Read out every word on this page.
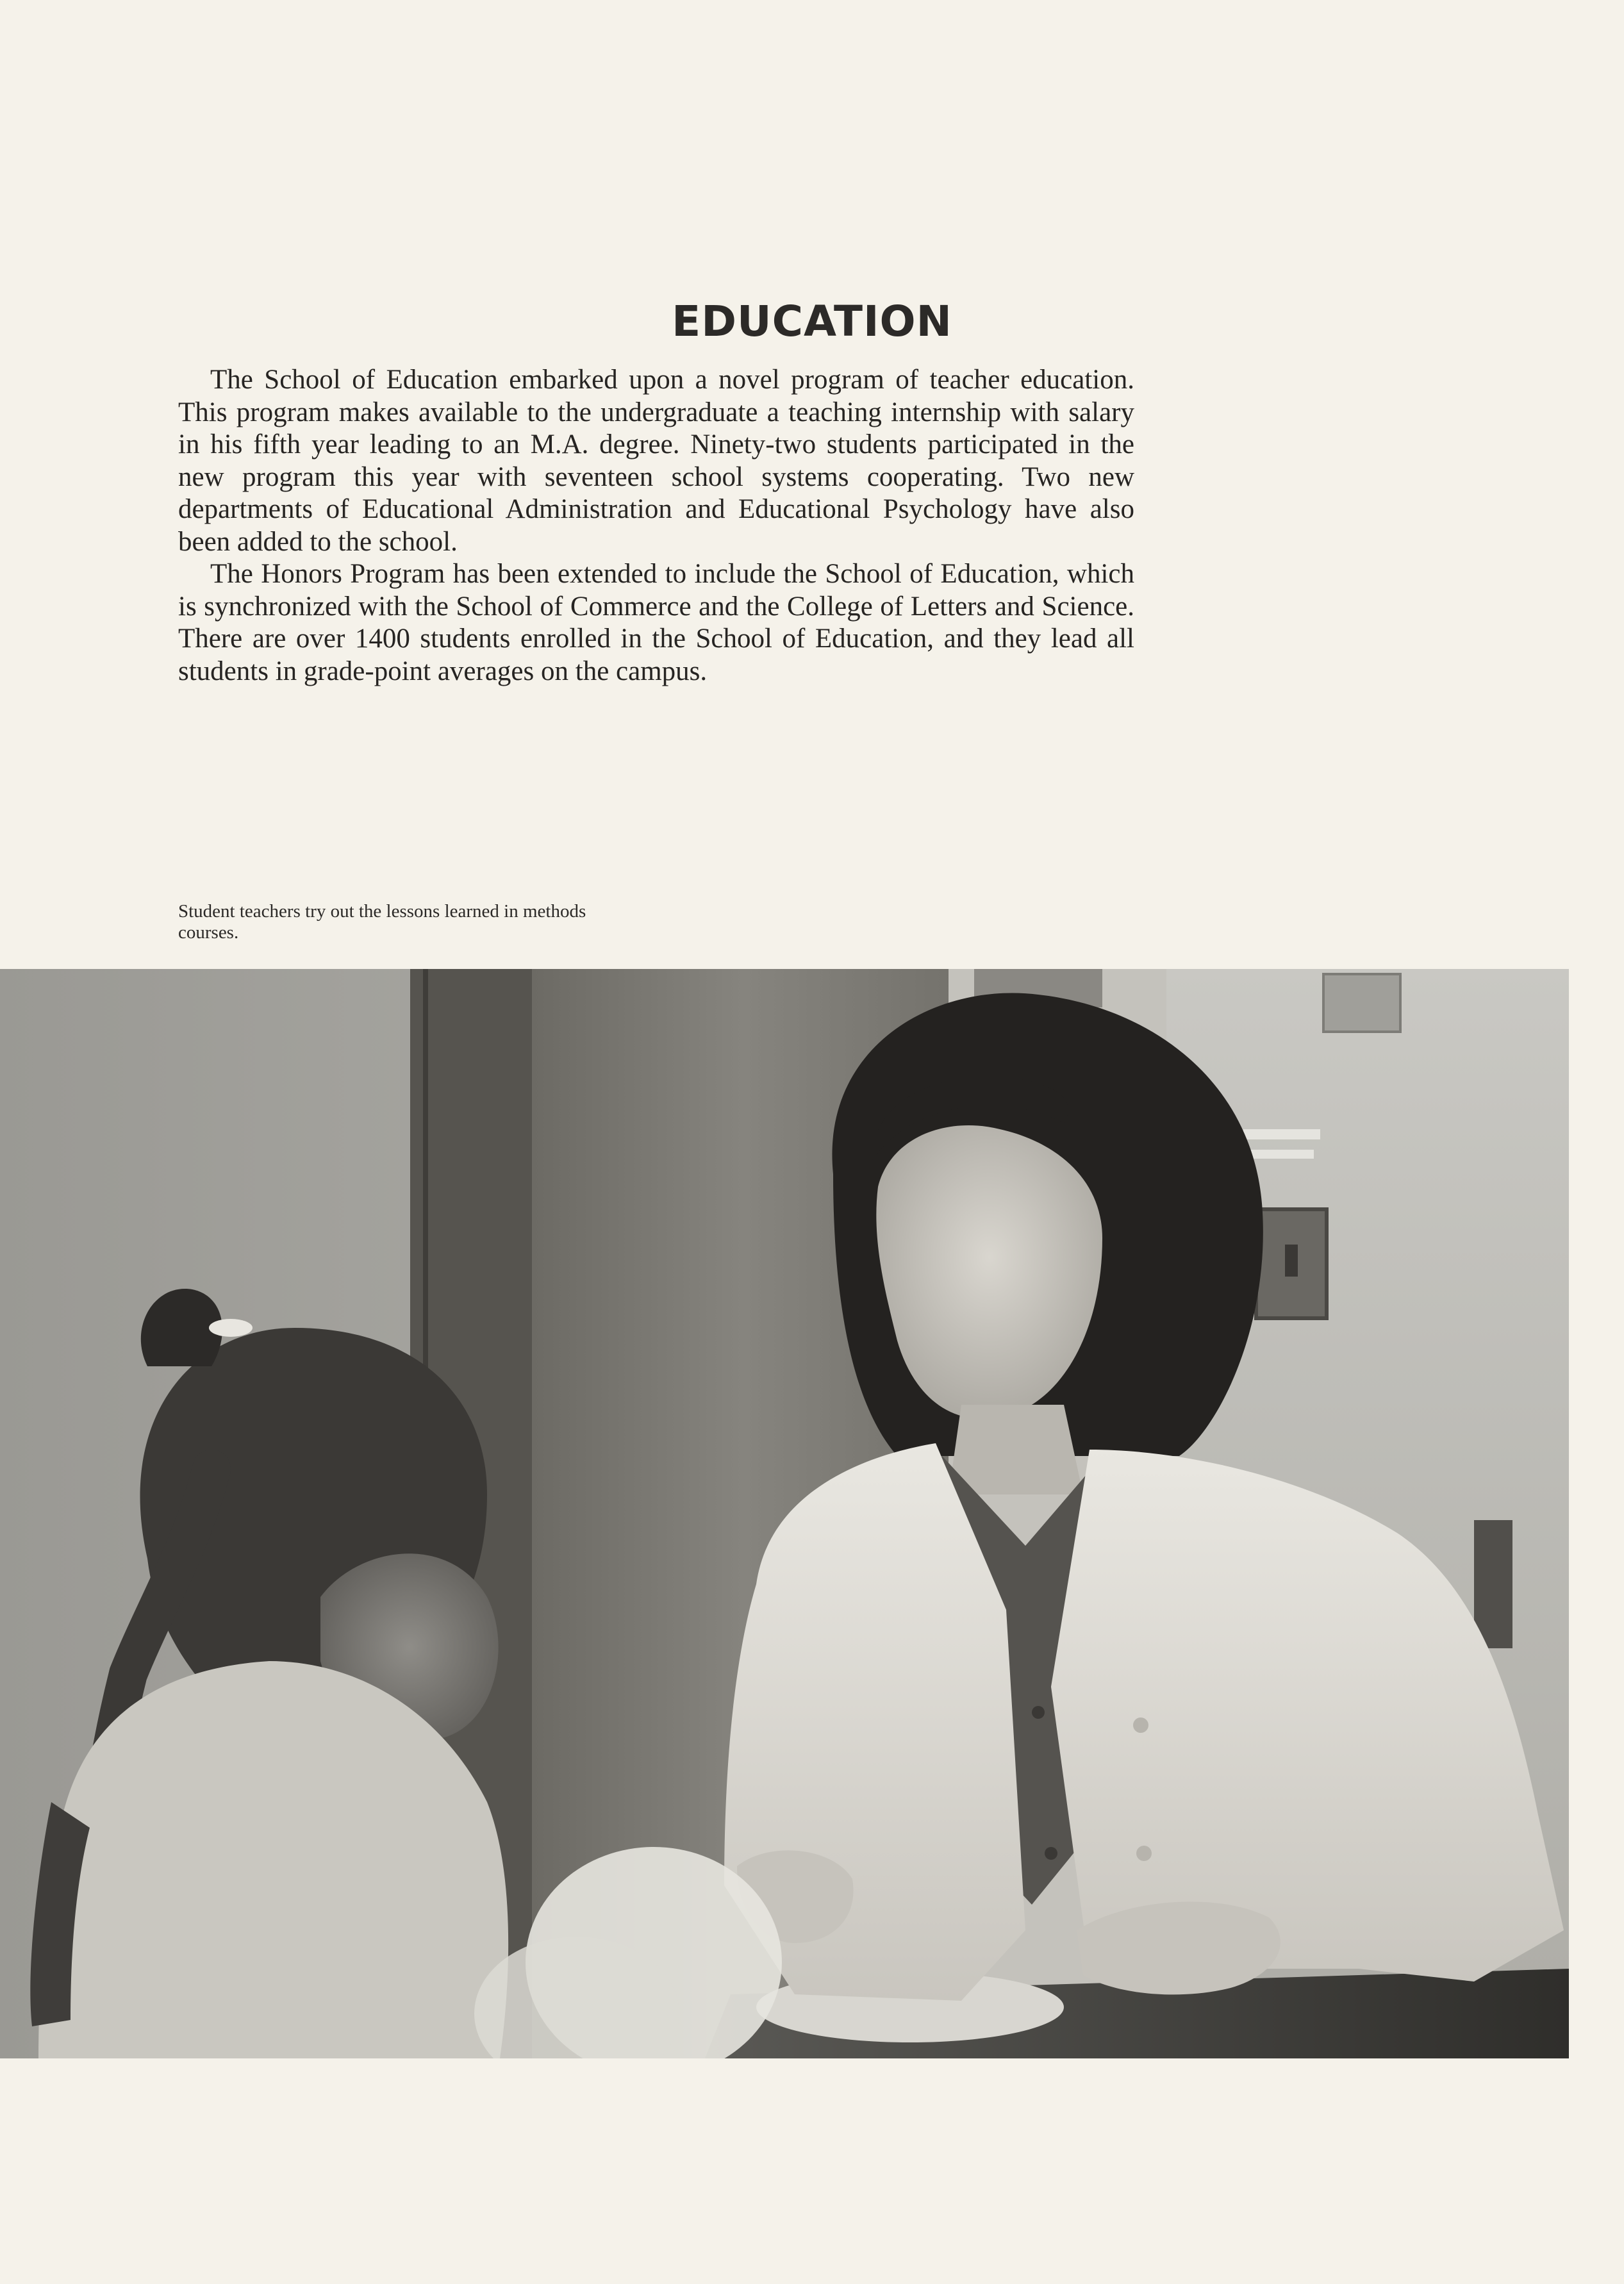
EDUCATION

The School of Education embarked upon a novel program of teacher education. This program makes available to the undergraduate a teaching internship with salary in his fifth year leading to an M.A. degree. Ninety-two students participated in the new program this year with seventeen school systems cooperating. Two new departments of Educational Administration and Educational Psychology have also been added to the school.

The Honors Program has been extended to include the School of Education, which is synchronized with the School of Commerce and the College of Letters and Science. There are over 1400 students enrolled in the School of Education, and they lead all students in grade-point averages on the campus.

Student teachers try out the lessons learned in methods courses.
